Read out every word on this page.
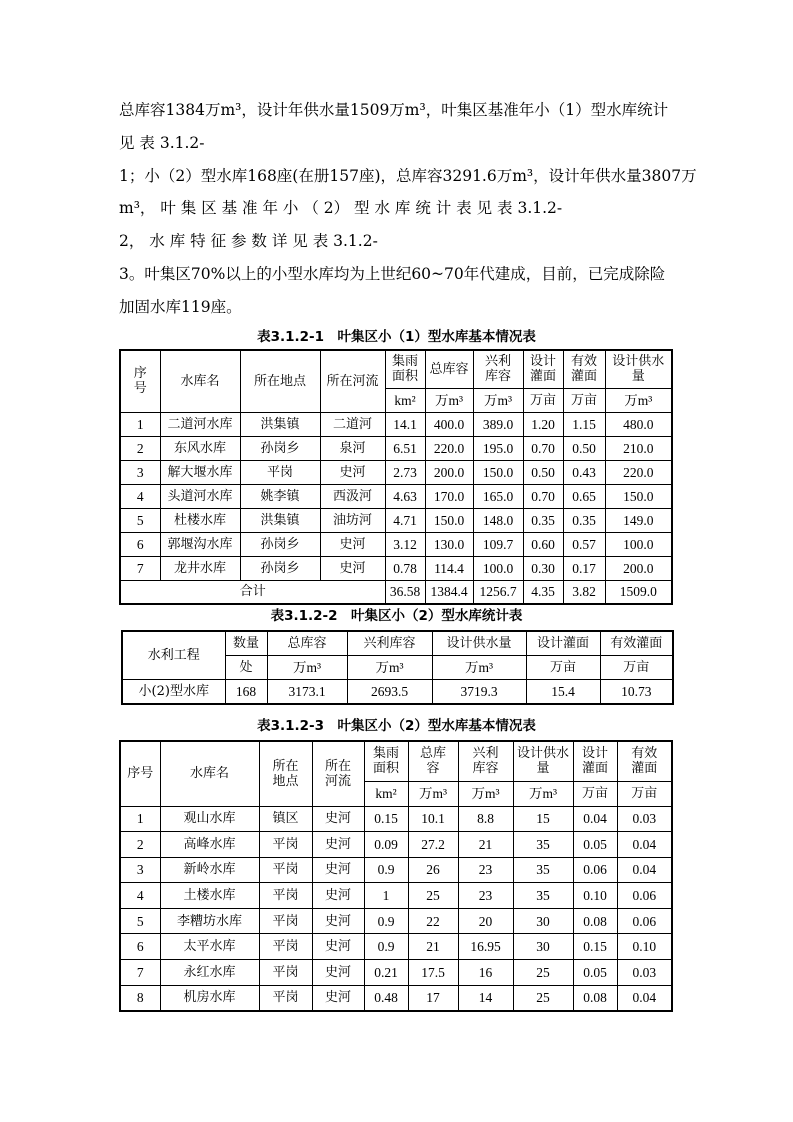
总库容1384万m³，设计年供水量1509万m³，叶集区基准年小（1）型水库统计
见 表 3.1.2-
1；小（2）型水库168座(在册157座)，总库容3291.6万m³，设计年供水量3807万
m³， 叶 集 区 基 准 年 小 （ 2） 型 水 库 统 计 表 见 表 3.1.2-
2， 水 库 特 征 参 数 详 见 表 3.1.2-
3。叶集区70%以上的小型水库均为上世纪60~70年代建成，目前，已完成除险
加固水库119座。

表3.1.2-1　叶集区小（1）型水库基本情况表

序号	水库名	所在地点	所在河流	集雨面积	总库容	兴利库容	设计灌面	有效灌面	设计供水量
				km²	万m³	万m³	万亩	万亩	万m³
1	二道河水库	洪集镇	二道河	14.1	400.0	389.0	1.20	1.15	480.0
2	东风水库	孙岗乡	泉河	6.51	220.0	195.0	0.70	0.50	210.0
3	解大堰水库	平岗	史河	2.73	200.0	150.0	0.50	0.43	220.0
4	头道河水库	姚李镇	西汲河	4.63	170.0	165.0	0.70	0.65	150.0
5	杜楼水库	洪集镇	油坊河	4.71	150.0	148.0	0.35	0.35	149.0
6	郭堰沟水库	孙岗乡	史河	3.12	130.0	109.7	0.60	0.57	100.0
7	龙井水库	孙岗乡	史河	0.78	114.4	100.0	0.30	0.17	200.0
合计				36.58	1384.4	1256.7	4.35	3.82	1509.0

表3.1.2-2　叶集区小（2）型水库统计表

水利工程	数量	总库容	兴利库容	设计供水量	设计灌面	有效灌面
	处	万m³	万m³	万m³	万亩	万亩
小(2)型水库	168	3173.1	2693.5	3719.3	15.4	10.73

表3.1.2-3　叶集区小（2）型水库基本情况表

序号	水库名	所在地点	所在河流	集雨面积	总库容	兴利库容	设计供水量	设计灌面	有效灌面
				km²	万m³	万m³	万m³	万亩	万亩
1	观山水库	镇区	史河	0.15	10.1	8.8	15	0.04	0.03
2	高峰水库	平岗	史河	0.09	27.2	21	35	0.05	0.04
3	新岭水库	平岗	史河	0.9	26	23	35	0.06	0.04
4	土楼水库	平岗	史河	1	25	23	35	0.10	0.06
5	李糟坊水库	平岗	史河	0.9	22	20	30	0.08	0.06
6	太平水库	平岗	史河	0.9	21	16.95	30	0.15	0.10
7	永红水库	平岗	史河	0.21	17.5	16	25	0.05	0.03
8	机房水库	平岗	史河	0.48	17	14	25	0.08	0.04
